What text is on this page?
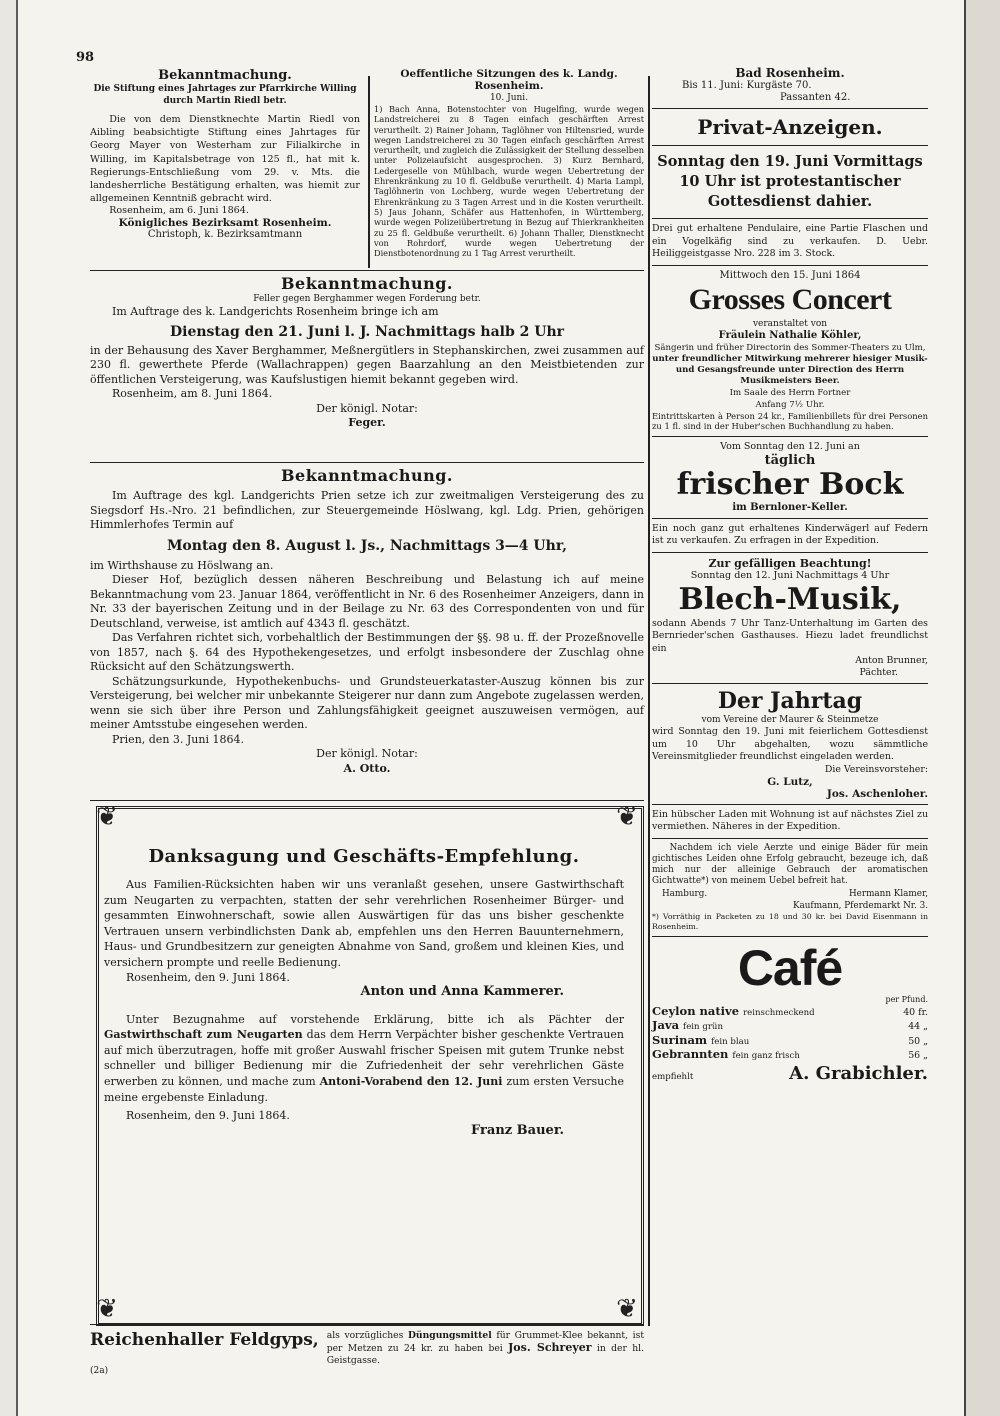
98
Bekanntmachung.
Die Stiftung eines Jahrtages zur Pfarrkirche Willing durch Martin Riedl betr.
Die von dem Dienstknechte Martin Riedl von Aibling beabsichtigte Stiftung eines Jahrtages für Georg Mayer von Westerham zur Filialkirche in Willing, im Kapitalsbetrage von 125 fl., hat mit k. Regierungs-Entschließung vom 29. v. Mts. die landesherrliche Bestätigung erhalten, was hiemit zur allgemeinen Kenntniß gebracht wird.
Rosenheim, am 6. Juni 1864.
Königliches Bezirksamt Rosenheim.
Christoph, k. Bezirksamtmann
Oeffentliche Sitzungen des k. Landg. Rosenheim.
10. Juni.
1) Bach Anna, Botenstochter von Hugelfing, wurde wegen Landstreicherei zu 8 Tagen einfach geschärften Arrest verurtheilt. 2) Rainer Johann, Taglöhner von Hiltensried, wurde wegen Landstreicherei zu 30 Tagen einfach geschärften Arrest verurtheilt, und zugleich die Zulässigkeit der Stellung desselben unter Polizeiaufsicht ausgesprochen. 3) Kurz Bernhard, Ledergeselle von Mühlbach, wurde wegen Uebertretung der Ehrenkränkung zu 10 fl. Geldbuße verurtheilt. 4) Maria Lampl, Taglöhnerin von Lochberg, wurde wegen Uebertretung der Ehrenkränkung zu 3 Tagen Arrest und in die Kosten verurtheilt. 5) Jaus Johann, Schäfer aus Hattenhofen, in Württemberg, wurde wegen Polizeiübertretung in Bezug auf Thierkrankheiten zu 25 fl. Geldbuße verurtheilt. 6) Johann Thaller, Dienstknecht von Rohrdorf, wurde wegen Uebertretung der Dienstbotenordnung zu 1 Tag Arrest verurtheilt.
Bekanntmachung.
Feller gegen Berghammer wegen Forderung betr.
Im Auftrage des k. Landgerichts Rosenheim bringe ich am
Dienstag den 21. Juni l. J. Nachmittags halb 2 Uhr
in der Behausung des Xaver Berghammer, Meßnergütlers in Stephanskirchen, zwei zusammen auf 230 fl. gewerthete Pferde (Wallachrappen) gegen Baarzahlung an den Meistbietenden zur öffentlichen Versteigerung, was Kaufslustigen hiemit bekannt gegeben wird.
Rosenheim, am 8. Juni 1864.
Der königl. Notar:
Feger.
Bekanntmachung.
Im Auftrage des kgl. Landgerichts Prien setze ich zur zweitmaligen Versteigerung des zu Siegsdorf Hs.-Nro. 21 befindlichen, zur Steuergemeinde Höslwang, kgl. Ldg. Prien, gehörigen Himmlerhofes Termin auf
Montag den 8. August l. Js., Nachmittags 3—4 Uhr,
im Wirthshause zu Höslwang an.
Dieser Hof, bezüglich dessen näheren Beschreibung und Belastung ich auf meine Bekanntmachung vom 23. Januar 1864, veröffentlicht in Nr. 6 des Rosenheimer Anzeigers, dann in Nr. 33 der bayerischen Zeitung und in der Beilage zu Nr. 63 des Correspondenten von und für Deutschland, verweise, ist amtlich auf 4343 fl. geschätzt.
Das Verfahren richtet sich, vorbehaltlich der Bestimmungen der §§. 98 u. ff. der Prozeßnovelle von 1857, nach §. 64 des Hypothekengesetzes, und erfolgt insbesondere der Zuschlag ohne Rücksicht auf den Schätzungswerth.
Schätzungsurkunde, Hypothekenbuchs- und Grundsteuerkataster-Auszug können bis zur Versteigerung, bei welcher mir unbekannte Steigerer nur dann zum Angebote zugelassen werden, wenn sie sich über ihre Person und Zahlungsfähigkeit geeignet auszuweisen vermögen, auf meiner Amtsstube eingesehen werden.
Prien, den 3. Juni 1864.
Der königl. Notar:
A. Otto.
❦	❦
❦	❦
Danksagung und Geschäfts-Empfehlung.
Aus Familien-Rücksichten haben wir uns veranlaßt gesehen, unsere Gastwirthschaft zum Neugarten zu verpachten, statten der sehr verehrlichen Rosenheimer Bürger- und gesammten Einwohnerschaft, sowie allen Auswärtigen für das uns bisher geschenkte Vertrauen unsern verbindlichsten Dank ab, empfehlen uns den Herren Bauunternehmern, Haus- und Grundbesitzern zur geneigten Abnahme von Sand, großem und kleinen Kies, und versichern prompte und reelle Bedienung.
Rosenheim, den 9. Juni 1864.
Anton und Anna Kammerer.
Unter Bezugnahme auf vorstehende Erklärung, bitte ich als Pächter der Gastwirthschaft zum Neugarten das dem Herrn Verpächter bisher geschenkte Vertrauen auf mich überzutragen, hoffe mit großer Auswahl frischer Speisen mit gutem Trunke nebst schneller und billiger Bedienung mir die Zufriedenheit der sehr verehrlichen Gäste erwerben zu können, und mache zum Antoni-Vorabend den 12. Juni zum ersten Versuche meine ergebenste Einladung.
Rosenheim, den 9. Juni 1864.
Franz Bauer.
Reichenhaller Feldgyps, als vorzügliches Düngungsmittel für Grummet-Klee bekannt, ist per Metzen zu 24 kr. zu haben bei Jos. Schreyer in der hl. Geistgasse.
(2a)
Bad Rosenheim.
Bis 11. Juni: Kurgäste 70.
Passanten 42.
Privat-Anzeigen.
Sonntag den 19. Juni Vormittags 10 Uhr ist protestantischer Gottesdienst dahier.
Drei gut erhaltene Pendulaire, eine Partie Flaschen und ein Vogelkäfig sind zu verkaufen. D. Uebr. Heiliggeistgasse Nro. 228 im 3. Stock.
Mittwoch den 15. Juni 1864
Grosses Concert
veranstaltet von
Fräulein Nathalie Köhler,
Sängerin und früher Directorin des Sommer-Theaters zu Ulm,
unter freundlicher Mitwirkung mehrerer hiesiger Musik- und Gesangsfreunde unter Direction des Herrn Musikmeisters Beer.
Im Saale des Herrn Fortner
Anfang 7½ Uhr.
Eintrittskarten à Person 24 kr., Familienbillets für drei Personen zu 1 fl. sind in der Huber'schen Buchhandlung zu haben.
Vom Sonntag den 12. Juni an
täglich
frischer Bock
im Bernloner-Keller.
Ein noch ganz gut erhaltenes Kinderwägerl auf Federn ist zu verkaufen. Zu erfragen in der Expedition.
Zur gefälligen Beachtung!
Sonntag den 12. Juni Nachmittags 4 Uhr
Blech-Musik,
sodann Abends 7 Uhr Tanz-Unterhaltung im Garten des Bernrieder'schen Gasthauses. Hiezu ladet freundlichst ein
Anton Brunner,
Pächter.
Der Jahrtag
vom Vereine der Maurer & Steinmetze
wird Sonntag den 19. Juni mit feierlichem Gottesdienst um 10 Uhr abgehalten, wozu sämmtliche Vereinsmitglieder freundlichst eingeladen werden.
Die Vereinsvorsteher:
G. Lutz,
Jos. Aschenloher.
Ein hübscher Laden mit Wohnung ist auf nächstes Ziel zu vermiethen. Näheres in der Expedition.
Nachdem ich viele Aerzte und einige Bäder für mein gichtisches Leiden ohne Erfolg gebraucht, bezeuge ich, daß mich nur der alleinige Gebrauch der aromatischen Gichtwatte*) von meinem Uebel befreit hat.
Hamburg.	Hermann Klamer,
Kaufmann, Pferdemarkt Nr. 3.
*) Vorräthig in Packeten zu 18 und 30 kr. bei David Eisenmann in Rosenheim.
Café
per Pfund.
Ceylon native reinschmeckend	40 fr.
Java fein grün	44 „
Surinam fein blau	50 „
Gebrannten fein ganz frisch	56 „
empfiehlt	A. Grabichler.
